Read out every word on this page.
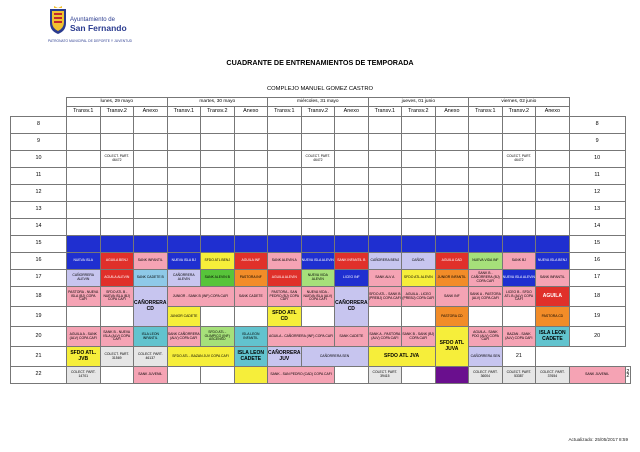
Ayuntamiento de
San Fernando
PATRONATO MUNICIPAL DE DEPORTE Y JUVENTUD
CUADRANTE DE ENTRENAMIENTOS DE TEMPORADA
COMPLEJO MANUEL GOMEZ CASTRO
	lunes, 29 mayo			martes, 30 mayo			miércoles, 31 mayo			jueves, 01 junio			viernes, 02 junio				
	Transv.1	Transv.2	Anexo	Transv.1	Transv.2	Anexo	Transv.1	Transv.2	Anexo	Transv.1	Transv.2	Anexo	Transv.1	Transv.2	Anexo		
8																8	
9																9	
10		COLECT. PART. 46472						COLECT. PART. 46472						COLECT. PART. 46472		10	
11																11	
12																12	
13																13	
14																14	
15																15	
16	NUEVA ISLA	AGUILA BENJ	SANK INFANTIL	NUEVA ISLA BJ	SFDO ATL BENJ	AGUILA INF	SANK ALEVIN A	NUEVA ISLA ALEVIN	SANK INFANTIL B	CAÑORERA BENJ	CAÑOR.	AGUILA CAD	NUEVA VIDA INF	SANK BJ	NUEVA ISLA BENJ	16	
17	CAÑORRERA ALEVIN	AGUILA ALEVIN	SANK CADETE B	CAÑORRERA ALEVIN	SANK ALEVIN B	PASTORA INF	AGUILA ALEVIN	NUEVA VIDA ALEVIN	LICEO INF	SANK ALV A	SFDO ATL ALEVIN	JUNIOR INFANTIL	SANK B - CAÑORRERA (BJ) COPA CAFI	NUEVA ISLA ALEVIN	SANK INFANTIL	17	
18	PASTORA - NUEVA ISLA (BJ) COPA CAFI	SFDO ATL B - NUEVA ISLA (BJ) COPA CAFI	CAÑORRERA CD	JUNIOR - SANK B (INF) COPA CAFI		SANK CADETE	PASTORA - SAN PEDRO (BJ) COPA CAFI	NUEVA VIDA - NUEVA ISLA (ALV) COPA CAFI	CAÑORRERA CD	SFDO ATL - SANK B (PREBJ) COPA CAFI	AGUILA - LICEO (PREBJ) COPA CAFI	SANK INF	SANK A - PASTORA (ALV) COPA CAFI	LICEO B - SFDO ATL B (ALV) COPA CAFI	AGUILA	18	
19				JUNIOR CADETE			SFDO ATL CD					PASTORA CD			PASTORA CD	19	
20	AGUILA A - SANK (ALV) COPA CAFI	SANK B - NUEVA ISLA (ALV) COPA CAFI	ISLA LEON INFANTIL	SANK CAÑORRERA (ALV) COPA CAFI	SFDO ATL - OLIMPICO (INF) ASCENSO	ISLA LEON INFANTIL	AGUILA - CAÑORRERA (INF) COPA CAFI		SANK CADETE	SANK A - PASTORA (ALV) COPA CAFI	SANK B - SANK (BJ) COPA CAFI	SFDO ATL JUVA	AGUILA - SANK PDO (ALV) COPA CAFI	BAZAN - SANK (ALV) COPA CAFI	ISLA LEON CADETE	20	
21	SFDO ATL. JVB	COLECT. PART. 31569	COLECT. PART. 46137	SFDO ATL - BAZAN JUV COPA CAFI		ISLA LEON CADETE	CAÑORRERA JUV	CAÑORRERA SEN		SFDO ATL JVA			CAÑORRERA SEN	21			
22	COLECT. PART. 14701		SANK JUVENIL				SANK - SAN PEDRO (CAD) COPA CAFI			COLECT. PART. 39415			COLECT. PART. 36004	COLECT. PART. 53387	COLECT. PART. 37654	SANK JUVENIL	22
Actualizado: 25/05/2017 8:59
